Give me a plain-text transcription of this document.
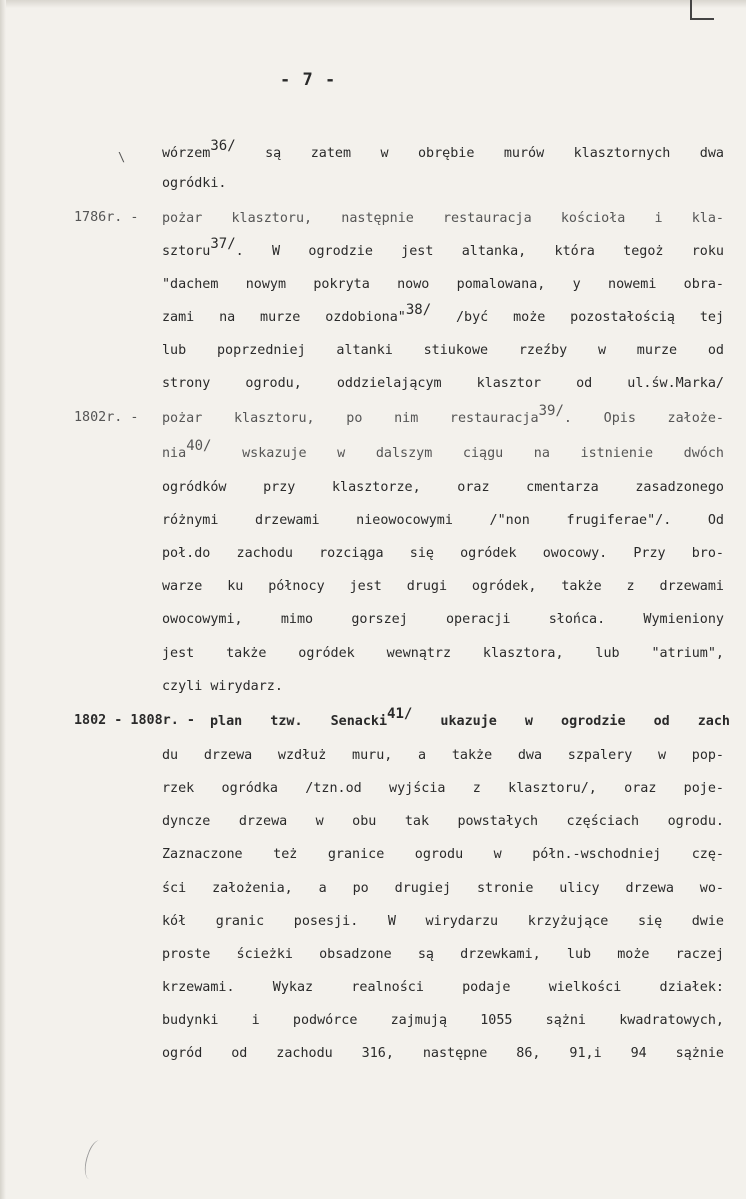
\
- 7 -
wórzem$^{36/}$ są zatem w obrębie murów klasztornych dwa
ogródki.
1786r. - pożar klasztoru, następnie restauracja kościoła i kla-
sztoru$^{37/}$. W ogrodzie jest altanka, która tegoż roku
"dachem nowym pokryta nowo pomalowana, y nowemi obra-
zami na murze ozdobiona"$^{38/}$ /być może pozostałością tej
lub poprzedniej altanki stiukowe rzeźby w murze od
strony ogrodu, oddzielającym klasztor od ul.św.Marka/
1802r. - pożar klasztoru, po nim restauracja$^{39/}$. Opis założe-
nia$^{40/}$ wskazuje w dalszym ciągu na istnienie dwóch
ogródków przy klasztorze, oraz cmentarza zasadzonego
różnymi drzewami nieowocowymi /"non frugiferae"/. Od
poł.do zachodu rozciąga się ogródek owocowy. Przy bro-
warze ku północy jest drugi ogródek, także z drzewami
owocowymi, mimo gorszej operacji słońca. Wymieniony
jest także ogródek wewnątrz klasztora, lub "atrium",
czyli wirydarz.
1802 - 1808r. - plan tzw. Senacki$^{41/}$ ukazuje w ogrodzie od zach
du drzewa wzdłuż muru, a także dwa szpalery w pop-
rzek ogródka /tzn.od wyjścia z klasztoru/, oraz poje-
dyncze drzewa w obu tak powstałych częściach ogrodu.
Zaznaczone też granice ogrodu w półn.-wschodniej czę-
ści założenia, a po drugiej stronie ulicy drzewa wo-
kół granic posesji. W wirydarzu krzyżujące się dwie
proste ścieżki obsadzone są drzewkami, lub może raczej
krzewami. Wykaz realności podaje wielkości działek:
budynki i podwórce zajmują 1055 sążni kwadratowych,
ogród od zachodu 316, następne 86, 91,i 94 sążnie
